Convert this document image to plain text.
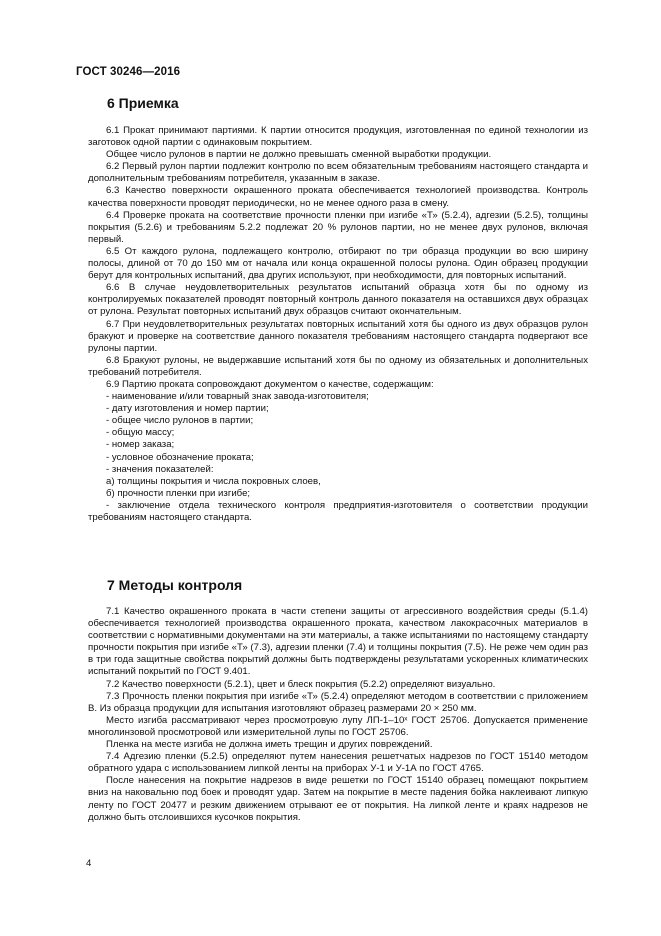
ГОСТ 30246—2016
6 Приемка

6.1 Прокат принимают партиями. К партии относится продукция, изготовленная по единой технологии из заготовок одной партии с одинаковым покрытием.

Общее число рулонов в партии не должно превышать сменной выработки продукции.

6.2 Первый рулон партии подлежит контролю по всем обязательным требованиям настоящего стандарта и дополнительным требованиям потребителя, указанным в заказе.

6.3 Качество поверхности окрашенного проката обеспечивается технологией производства. Контроль качества поверхности проводят периодически, но не менее одного раза в смену.

6.4 Проверке проката на соответствие прочности пленки при изгибе «Т» (5.2.4), адгезии (5.2.5), толщины покрытия (5.2.6) и требованиям 5.2.2 подлежат 20 % рулонов партии, но не менее двух рулонов, включая первый.

6.5 От каждого рулона, подлежащего контролю, отбирают по три образца продукции во всю ширину полосы, длиной от 70 до 150 мм от начала или конца окрашенной полосы рулона. Один образец продукции берут для контрольных испытаний, два других используют, при необходимости, для повторных испытаний.

6.6 В случае неудовлетворительных результатов испытаний образца хотя бы по одному из контролируемых показателей проводят повторный контроль данного показателя на оставшихся двух образцах от рулона. Результат повторных испытаний двух образцов считают окончательным.

6.7 При неудовлетворительных результатах повторных испытаний хотя бы одного из двух образцов рулон бракуют и проверке на соответствие данного показателя требованиям настоящего стандарта подвергают все рулоны партии.

6.8 Бракуют рулоны, не выдержавшие испытаний хотя бы по одному из обязательных и дополнительных требований потребителя.

6.9 Партию проката сопровождают документом о качестве, содержащим:

- наименование и/или товарный знак завода-изготовителя;

- дату изготовления и номер партии;

- общее число рулонов в партии;

- общую массу;

- номер заказа;

- условное обозначение проката;

- значения показателей:

а) толщины покрытия и числа покровных слоев,

б) прочности пленки при изгибе;

- заключение отдела технического контроля предприятия-изготовителя о соответствии продукции требованиям настоящего стандарта.

7 Методы контроля

7.1 Качество окрашенного проката в части степени защиты от агрессивного воздействия среды (5.1.4) обеспечивается технологией производства окрашенного проката, качеством лакокрасочных материалов в соответствии с нормативными документами на эти материалы, а также испытаниями по настоящему стандарту прочности покрытия при изгибе «Т» (7.3), адгезии пленки (7.4) и толщины покрытия (7.5). Не реже чем один раз в три года защитные свойства покрытий должны быть подтверждены результатами ускоренных климатических испытаний покрытий по ГОСТ 9.401.

7.2 Качество поверхности (5.2.1), цвет и блеск покрытия (5.2.2) определяют визуально.

7.3 Прочность пленки покрытия при изгибе «Т» (5.2.4) определяют методом в соответствии с приложением В. Из образца продукции для испытания изготовляют образец размерами 20 × 250 мм.

Место изгиба рассматривают через просмотровую лупу ЛП-1–10ˣ ГОСТ 25706. Допускается применение многолинзовой просмотровой или измерительной лупы по ГОСТ 25706.

Пленка на месте изгиба не должна иметь трещин и других повреждений.

7.4 Адгезию пленки (5.2.5) определяют путем нанесения решетчатых надрезов по ГОСТ 15140 методом обратного удара с использованием липкой ленты на приборах У-1 и У-1А по ГОСТ 4765.

После нанесения на покрытие надрезов в виде решетки по ГОСТ 15140 образец помещают покрытием вниз на наковальню под боек и проводят удар. Затем на покрытие в месте падения бойка наклеивают липкую ленту по ГОСТ 20477 и резким движением отрывают ее от покрытия. На липкой ленте и краях надрезов не должно быть отслоившихся кусочков покрытия.

4
